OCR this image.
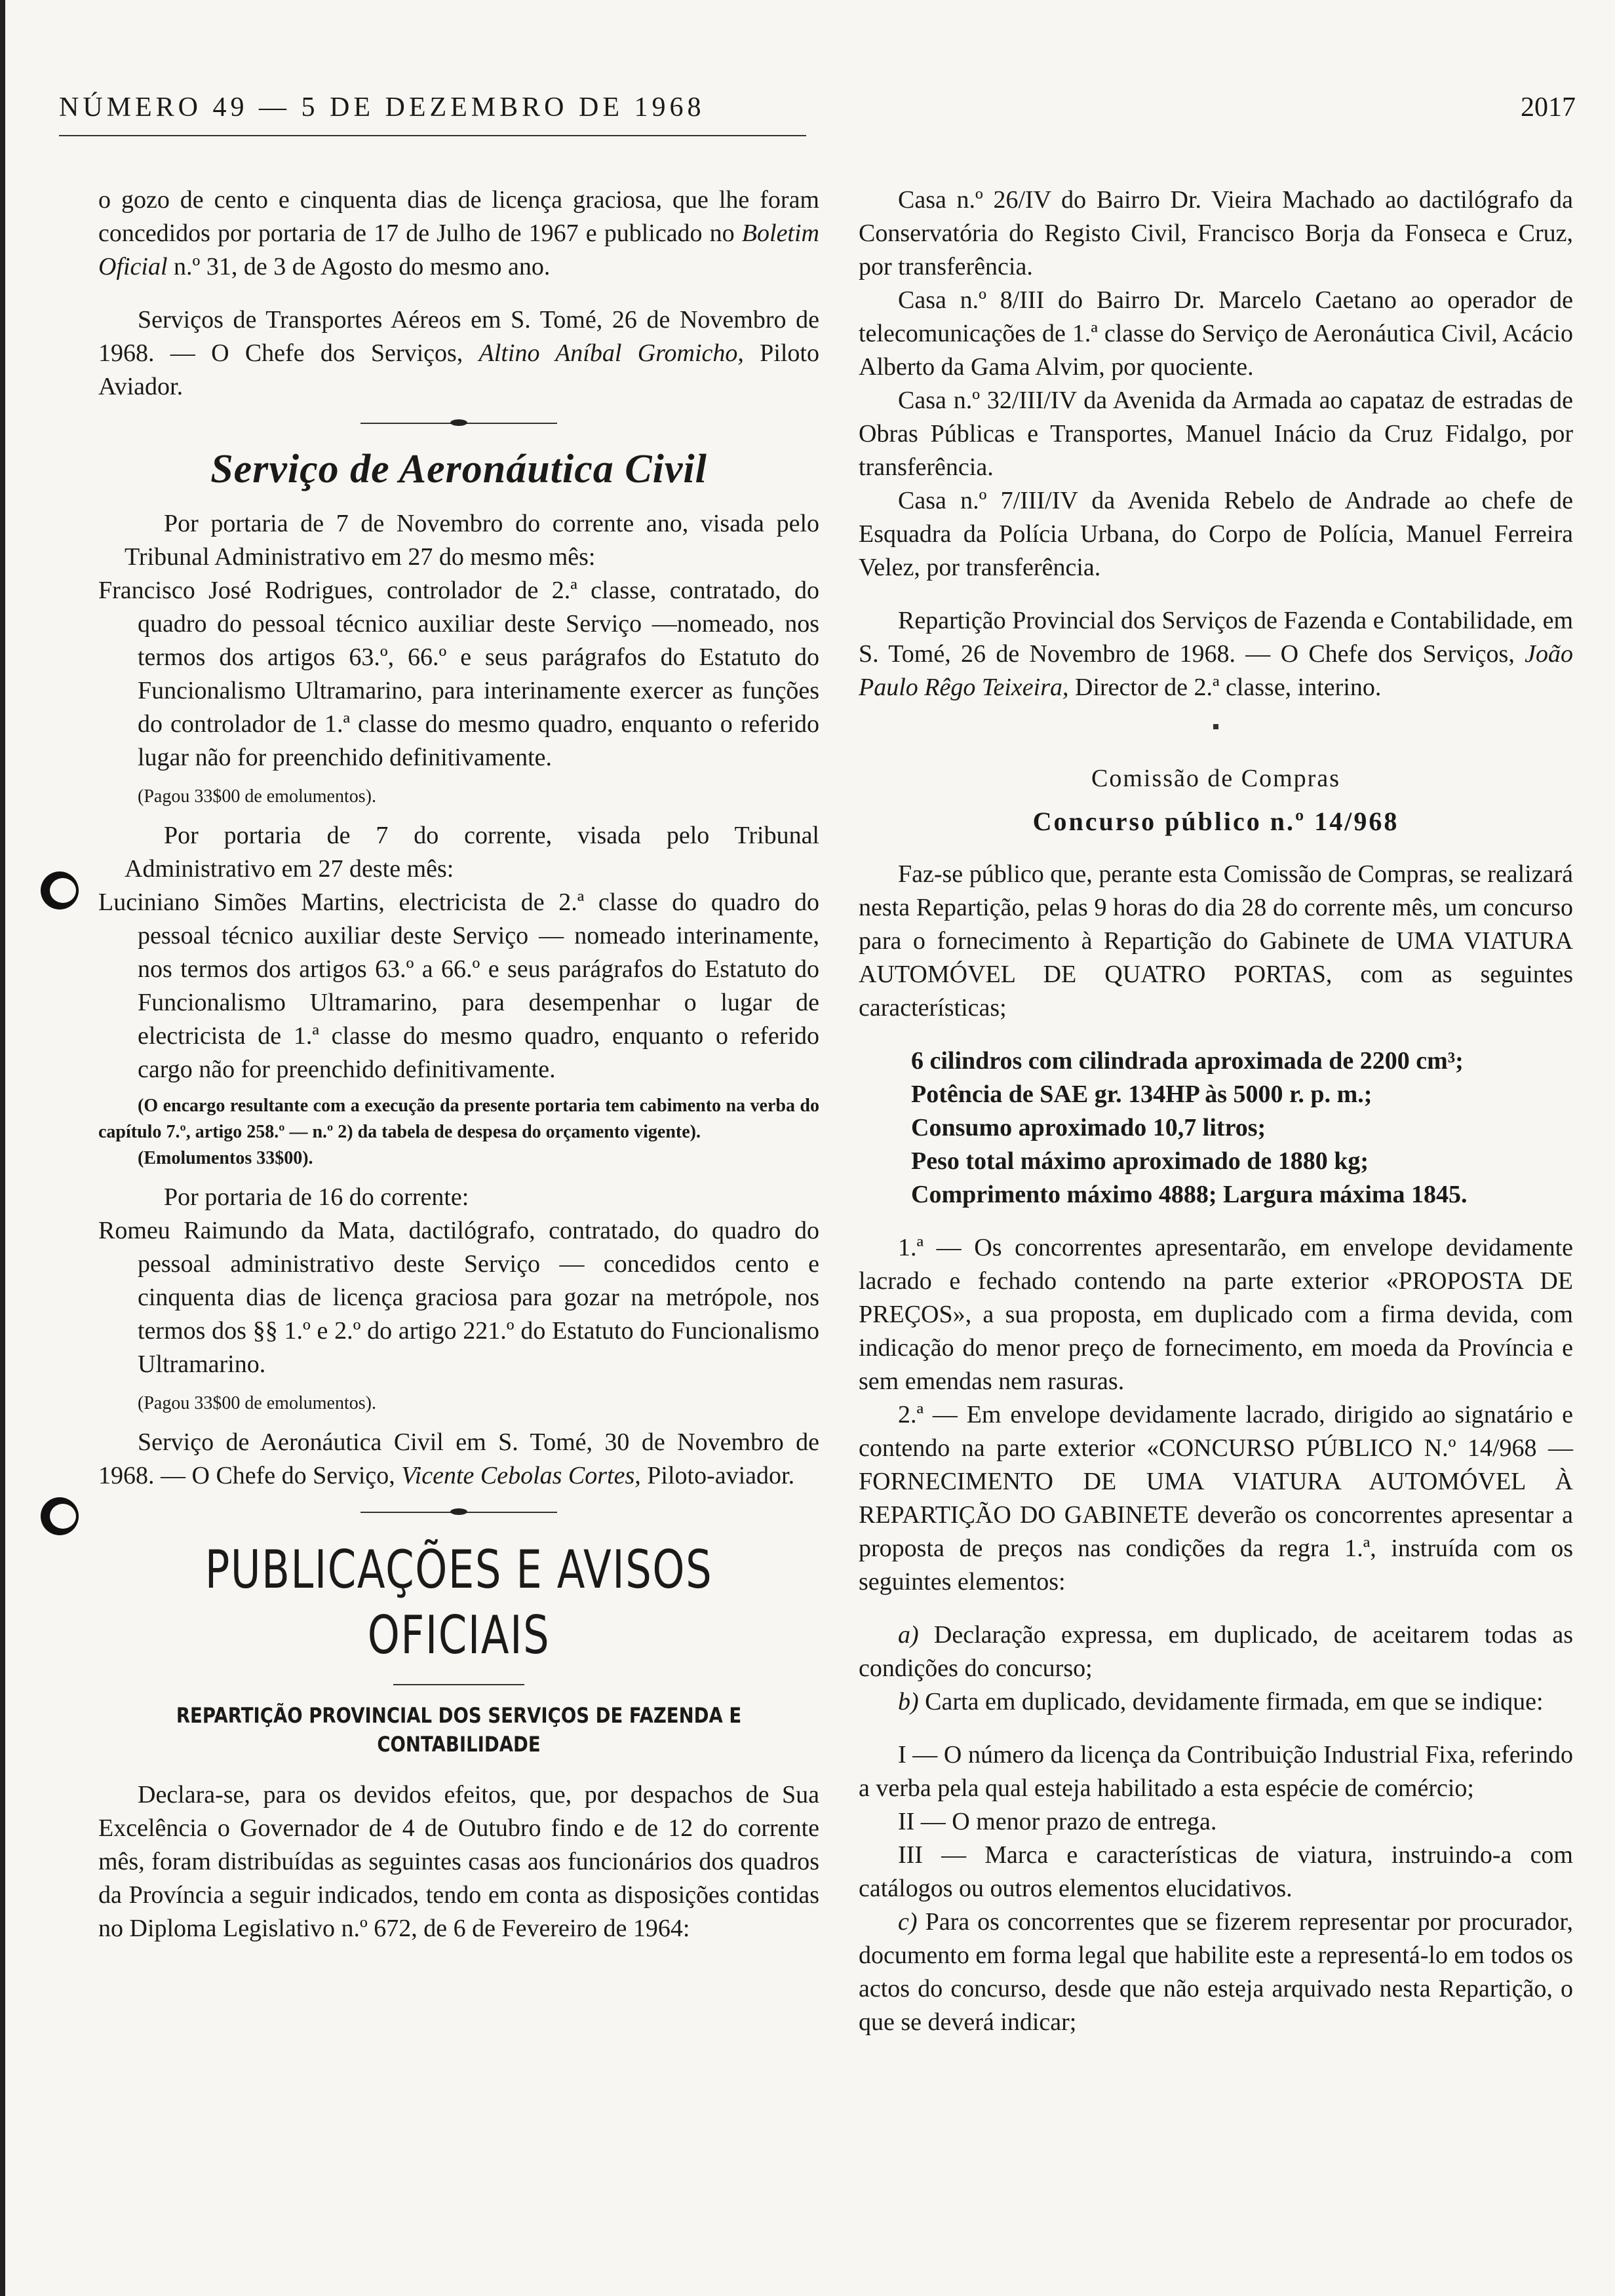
NÚMERO 49 — 5 DE DEZEMBRO DE 1968	2017

o gozo de cento e cinquenta dias de licença graciosa, que lhe foram concedidos por portaria de 17 de Julho de 1967 e publicado no Boletim Oficial n.º 31, de 3 de Agosto do mesmo ano.

Serviços de Transportes Aéreos em S. Tomé, 26 de Novembro de 1968. — O Chefe dos Serviços, Altino Aníbal Gromicho, Piloto Aviador.

Serviço de Aeronáutica Civil

Por portaria de 7 de Novembro do corrente ano, visada pelo Tribunal Administrativo em 27 do mesmo mês:

Francisco José Rodrigues, controlador de 2.ª classe, contratado, do quadro do pessoal técnico auxiliar deste Serviço —nomeado, nos termos dos artigos 63.º, 66.º e seus parágrafos do Estatuto do Funcionalismo Ultramarino, para interinamente exercer as funções do controlador de 1.ª classe do mesmo quadro, enquanto o referido lugar não for preenchido definitivamente.

(Pagou 33$00 de emolumentos).

Por portaria de 7 do corrente, visada pelo Tribunal Administrativo em 27 deste mês:

Luciniano Simões Martins, electricista de 2.ª classe do quadro do pessoal técnico auxiliar deste Serviço — nomeado interinamente, nos termos dos artigos 63.º a 66.º e seus parágrafos do Estatuto do Funcionalismo Ultramarino, para desempenhar o lugar de electricista de 1.ª classe do mesmo quadro, enquanto o referido cargo não for preenchido definitivamente.

(O encargo resultante com a execução da presente portaria tem cabimento na verba do capítulo 7.º, artigo 258.º — n.º 2) da tabela de despesa do orçamento vigente).

(Emolumentos 33$00).

Por portaria de 16 do corrente:

Romeu Raimundo da Mata, dactilógrafo, contratado, do quadro do pessoal administrativo deste Serviço — concedidos cento e cinquenta dias de licença graciosa para gozar na metrópole, nos termos dos §§ 1.º e 2.º do artigo 221.º do Estatuto do Funcionalismo Ultramarino.

(Pagou 33$00 de emolumentos).

Serviço de Aeronáutica Civil em S. Tomé, 30 de Novembro de 1968. — O Chefe do Serviço, Vicente Cebolas Cortes, Piloto-aviador.

PUBLICAÇÕES E AVISOS OFICIAIS
REPARTIÇÃO PROVINCIAL DOS SERVIÇOS DE FAZENDA E CONTABILIDADE

Declara-se, para os devidos efeitos, que, por despachos de Sua Excelência o Governador de 4 de Outubro findo e de 12 do corrente mês, foram distribuídas as seguintes casas aos funcionários dos quadros da Província a seguir indicados, tendo em conta as disposições contidas no Diploma Legislativo n.º 672, de 6 de Fevereiro de 1964:

Casa n.º 26/IV do Bairro Dr. Vieira Machado ao dactilógrafo da Conservatória do Registo Civil, Francisco Borja da Fonseca e Cruz, por transferência.

Casa n.º 8/III do Bairro Dr. Marcelo Caetano ao operador de telecomunicações de 1.ª classe do Serviço de Aeronáutica Civil, Acácio Alberto da Gama Alvim, por quociente.

Casa n.º 32/III/IV da Avenida da Armada ao capataz de estradas de Obras Públicas e Transportes, Manuel Inácio da Cruz Fidalgo, por transferência.

Casa n.º 7/III/IV da Avenida Rebelo de Andrade ao chefe de Esquadra da Polícia Urbana, do Corpo de Polícia, Manuel Ferreira Velez, por transferência.

Repartição Provincial dos Serviços de Fazenda e Contabilidade, em S. Tomé, 26 de Novembro de 1968. — O Chefe dos Serviços, João Paulo Rêgo Teixeira, Director de 2.ª classe, interino.

Comissão de Compras

Concurso público n.º 14/968

Faz-se público que, perante esta Comissão de Compras, se realizará nesta Repartição, pelas 9 horas do dia 28 do corrente mês, um concurso para o fornecimento à Repartição do Gabinete de UMA VIATURA AUTOMÓVEL DE QUATRO PORTAS, com as seguintes características;

6 cilindros com cilindrada aproximada de 2200 cm³;

Potência de SAE gr. 134HP às 5000 r. p. m.;

Consumo aproximado 10,7 litros;

Peso total máximo aproximado de 1880 kg;

Comprimento máximo 4888; Largura máxima 1845.

1.ª — Os concorrentes apresentarão, em envelope devidamente lacrado e fechado contendo na parte exterior «PROPOSTA DE PREÇOS», a sua proposta, em duplicado com a firma devida, com indicação do menor preço de fornecimento, em moeda da Província e sem emendas nem rasuras.

2.ª — Em envelope devidamente lacrado, dirigido ao signatário e contendo na parte exterior «CONCURSO PÚBLICO N.º 14/968 — FORNECIMENTO DE UMA VIATURA AUTOMÓVEL À REPARTIÇÃO DO GABINETE deverão os concorrentes apresentar a proposta de preços nas condições da regra 1.ª, instruída com os seguintes elementos:

a) Declaração expressa, em duplicado, de aceitarem todas as condições do concurso;

b) Carta em duplicado, devidamente firmada, em que se indique:

I — O número da licença da Contribuição Industrial Fixa, referindo a verba pela qual esteja habilitado a esta espécie de comércio;

II — O menor prazo de entrega.

III — Marca e características de viatura, instruindo-a com catálogos ou outros elementos elucidativos.

c) Para os concorrentes que se fizerem representar por procurador, documento em forma legal que habilite este a representá-lo em todos os actos do concurso, desde que não esteja arquivado nesta Repartição, o que se deverá indicar;
